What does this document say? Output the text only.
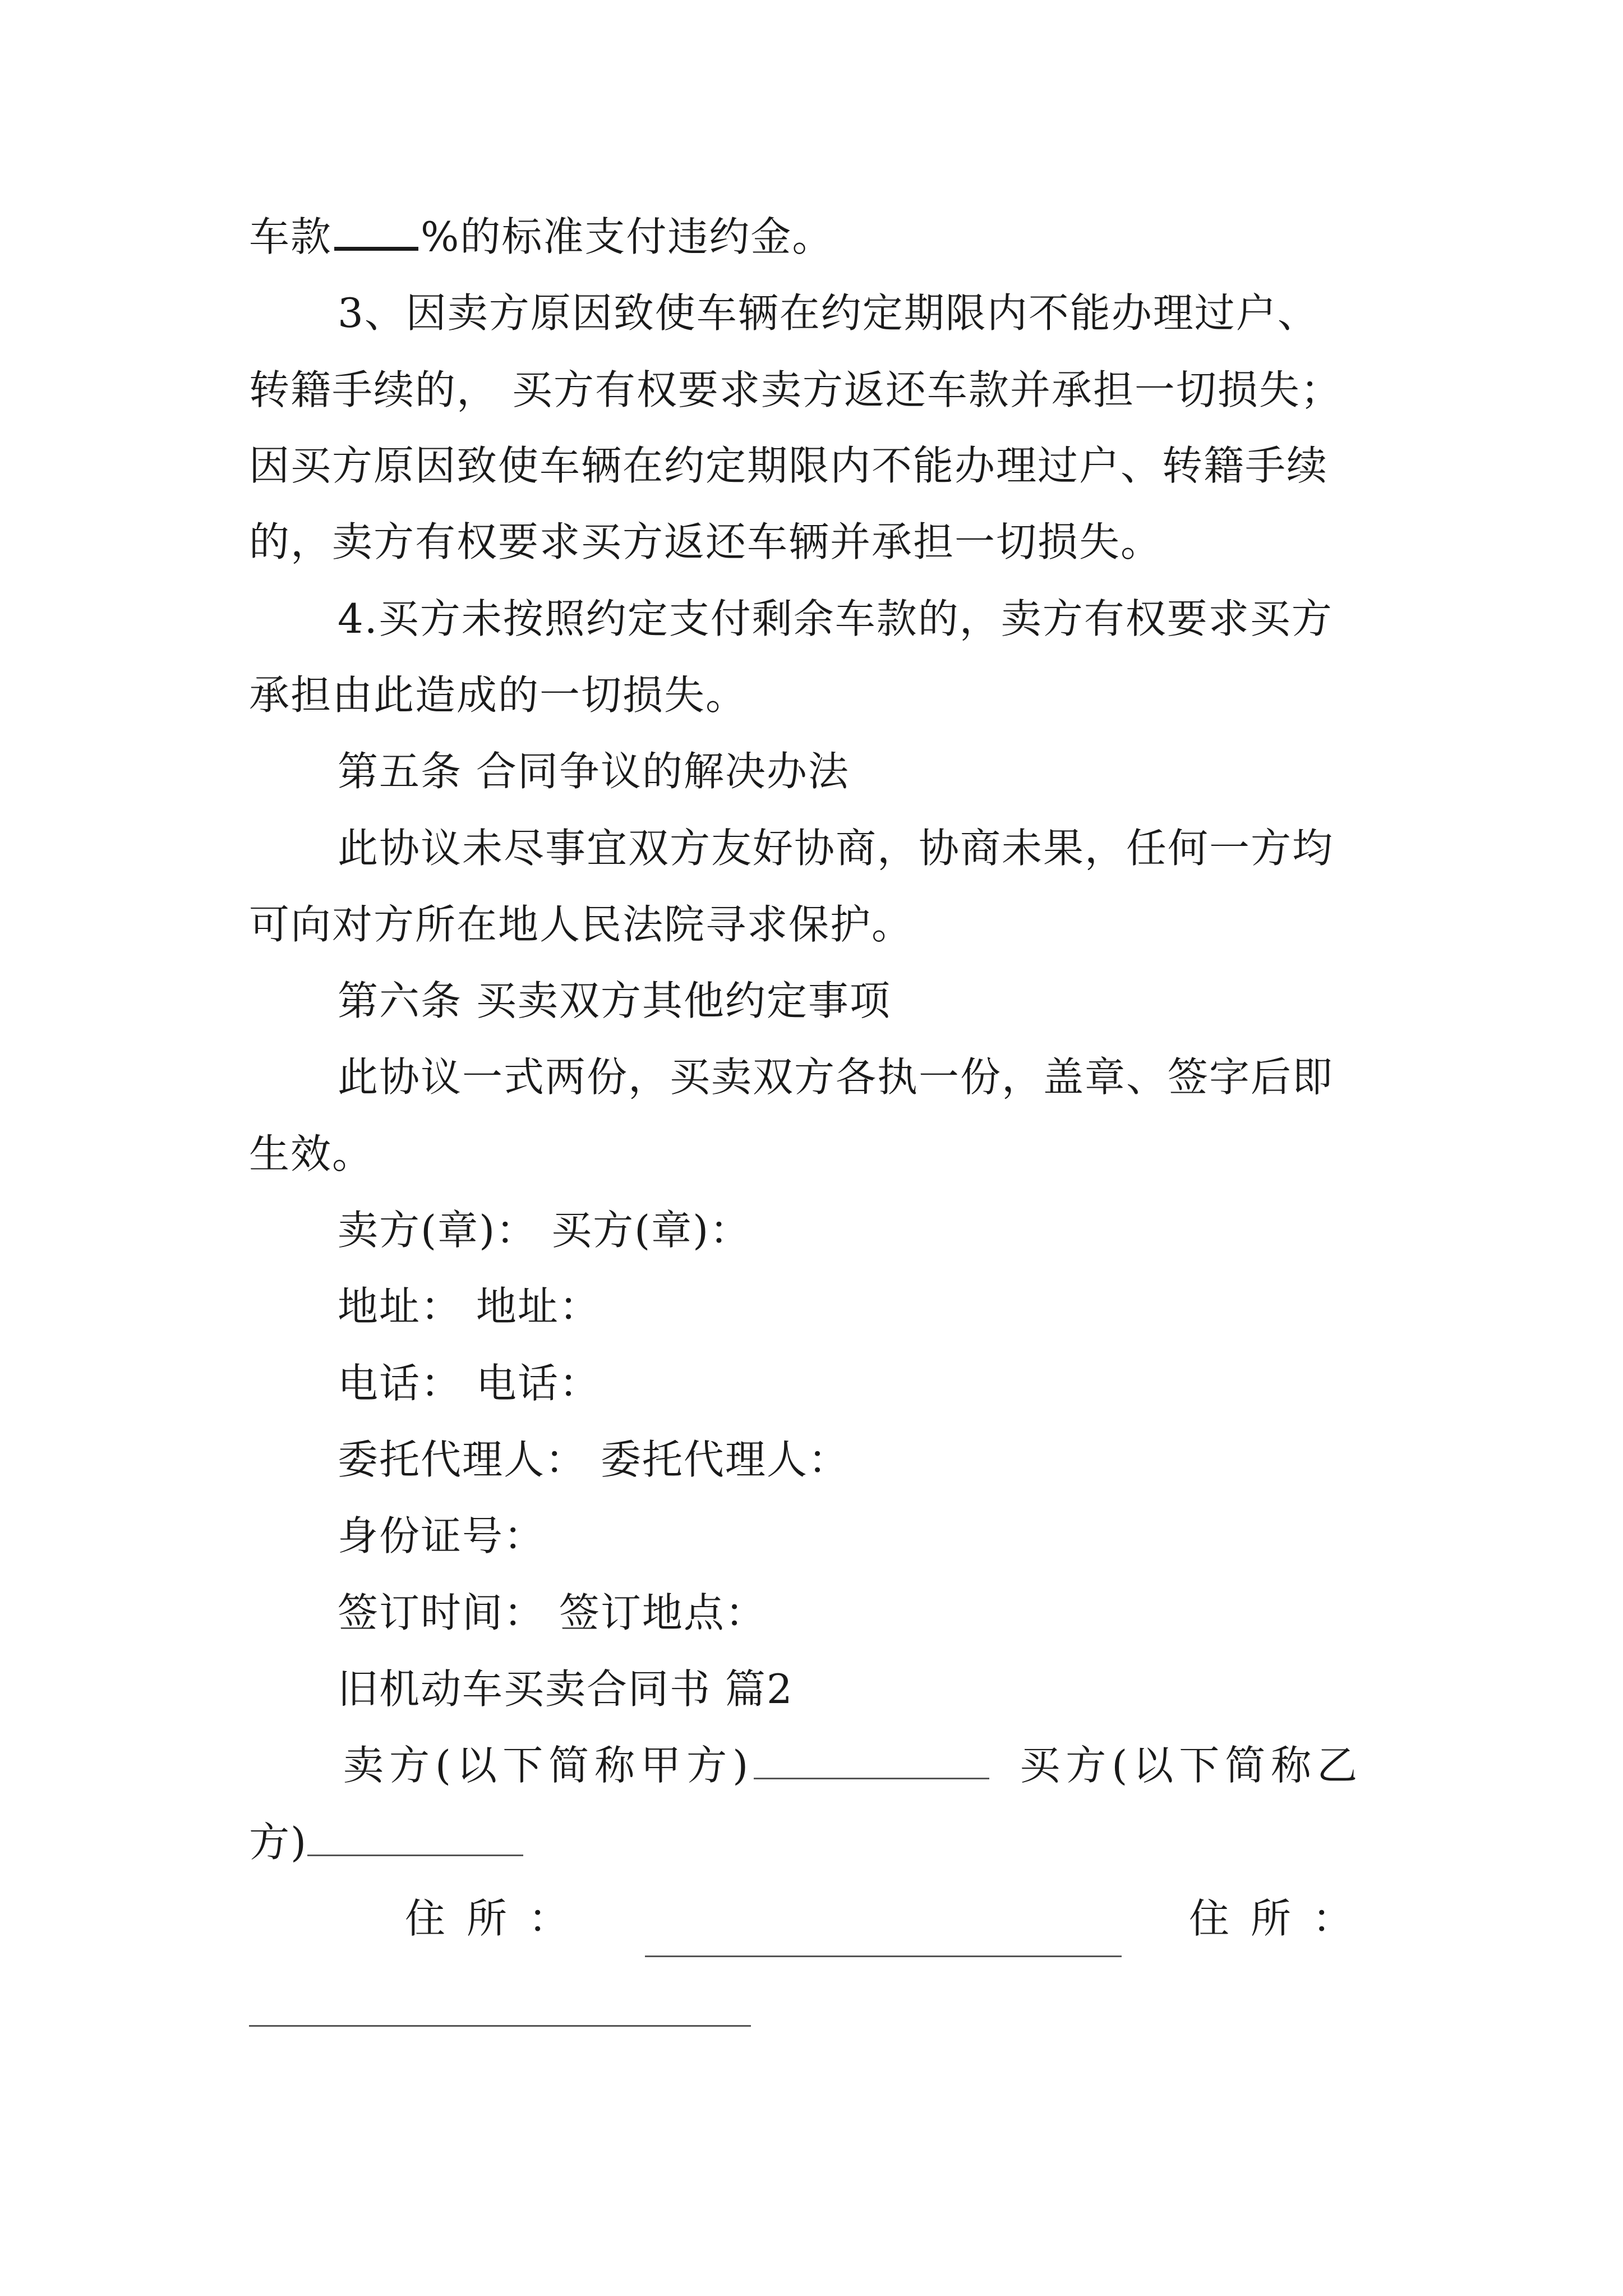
车款 %的标准支付违约金。
3、因卖方原因致使车辆在约定期限内不能办理过户、
转籍手续的， 买方有权要求卖方返还车款并承担一切损失；
因买方原因致使车辆在约定期限内不能办理过户、转籍手续
的，卖方有权要求买方返还车辆并承担一切损失。
4.买方未按照约定支付剩余车款的，卖方有权要求买方
承担由此造成的一切损失。
第五条 合同争议的解决办法
此协议未尽事宜双方友好协商，协商未果，任何一方均
可向对方所在地人民法院寻求保护。
第六条 买卖双方其他约定事项
此协议一式两份，买卖双方各执一份，盖章、签字后即
生效。
卖方(章)： 买方(章)：
地址： 地址：
电话： 电话：
委托代理人： 委托代理人：
身份证号：
签订时间： 签订地点：
旧机动车买卖合同书 篇2
卖方(以下简称甲方)	买方(以下简称乙
方)
住所：	住所：
